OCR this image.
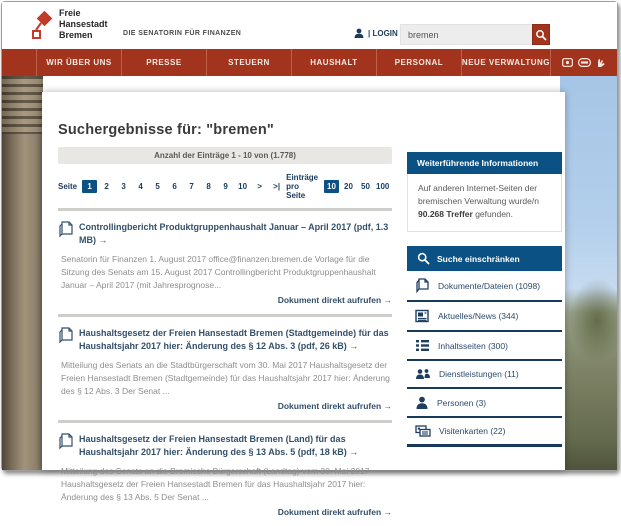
Freie
Hansestadt
Bremen	DIE SENATORIN FÜR FINANZEN	| LOGIN
bremen
WIR ÜBER UNS	PRESSE	STEUERN	HAUSHALT	PERSONAL	NEUE VERWALTUNG
Suchergebnisse für: "bremen"
Anzahl der Einträge 1 - 10 von (1.778)
Seite	1	2	3	4	5	6	7	8	9	10	>	>|
Einträge pro Seite
10	20	50 100
Controllingbericht Produktgruppenhaushalt Januar – April 2017 (pdf, 1.3 MB) →
Senatorin für Finanzen 1. August 2017 office@finanzen.bremen.de Vorlage für die Sitzung des Senats am 15. August 2017 Controllingbericht Produktgruppenhaushalt Januar – April 2017 (mit Jahresprognose...
Dokument direkt aufrufen →
Haushaltsgesetz der Freien Hansestadt Bremen (Stadtgemeinde) für das Haushaltsjahr 2017 hier: Änderung des § 12 Abs. 3 (pdf, 26 kB) →
Mitteilung des Senats an die Stadtbürgerschaft vom 30. Mai 2017 Haushaltsgesetz der Freien Hansestadt Bremen (Stadtgemeinde) für das Haushaltsjahr 2017 hier: Änderung des § 12 Abs. 3 Der Senat ...
Dokument direkt aufrufen →
Haushaltsgesetz der Freien Hansestadt Bremen (Land) für das Haushaltsjahr 2017 hier: Änderung des § 13 Abs. 5 (pdf, 18 kB) →
Mitteilung des Senats an die Bremische Bürgerschaft (Landtag) vom 30. Mai 2017 Haushaltsgesetz der Freien Hansestadt Bremen für das Haushaltsjahr 2017 hier: Änderung des § 13 Abs. 5 Der Senat ...
Dokument direkt aufrufen →
Weiterführende Informationen
Auf anderen Internet-Seiten der bremischen Verwaltung wurde/n 90.268 Treffer gefunden.
Suche einschränken
Dokumente/Dateien (1098)
Aktuelles/News (344)
Inhaltsseiten (300)
Dienstleistungen (11)
Personen (3)
Visitenkarten (22)
